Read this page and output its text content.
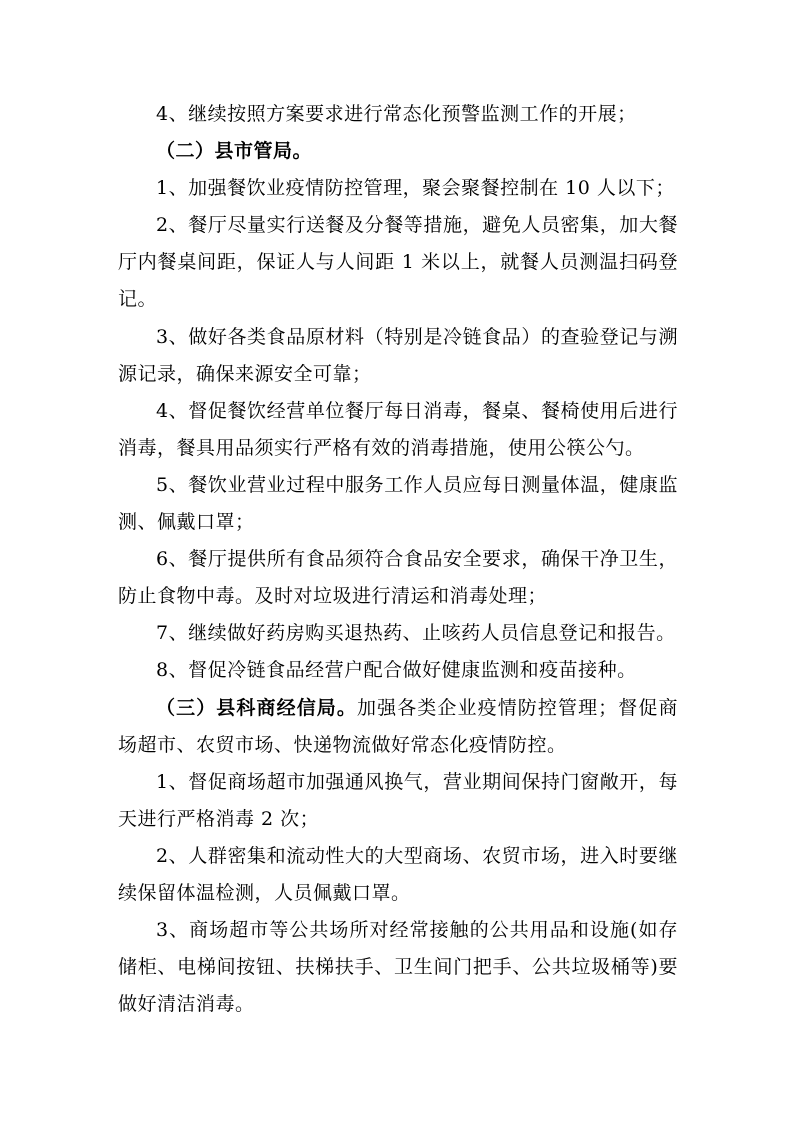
4、继续按照方案要求进行常态化预警监测工作的开展；

（二）县市管局。

1、加强餐饮业疫情防控管理，聚会聚餐控制在 10 人以下；

2、餐厅尽量实行送餐及分餐等措施，避免人员密集，加大餐厅内餐桌间距，保证人与人间距 1 米以上，就餐人员测温扫码登记。

3、做好各类食品原材料（特别是冷链食品）的查验登记与溯源记录，确保来源安全可靠；

4、督促餐饮经营单位餐厅每日消毒，餐桌、餐椅使用后进行消毒，餐具用品须实行严格有效的消毒措施，使用公筷公勺。

5、餐饮业营业过程中服务工作人员应每日测量体温，健康监测、佩戴口罩；

6、餐厅提供所有食品须符合食品安全要求，确保干净卫生，防止食物中毒。及时对垃圾进行清运和消毒处理；

7、继续做好药房购买退热药、止咳药人员信息登记和报告。

8、督促冷链食品经营户配合做好健康监测和疫苗接种。

（三）县科商经信局。加强各类企业疫情防控管理；督促商场超市、农贸市场、快递物流做好常态化疫情防控。

1、督促商场超市加强通风换气，营业期间保持门窗敞开，每天进行严格消毒 2 次；

2、人群密集和流动性大的大型商场、农贸市场，进入时要继续保留体温检测，人员佩戴口罩。

3、商场超市等公共场所对经常接触的公共用品和设施(如存储柜、电梯间按钮、扶梯扶手、卫生间门把手、公共垃圾桶等)要做好清洁消毒。
